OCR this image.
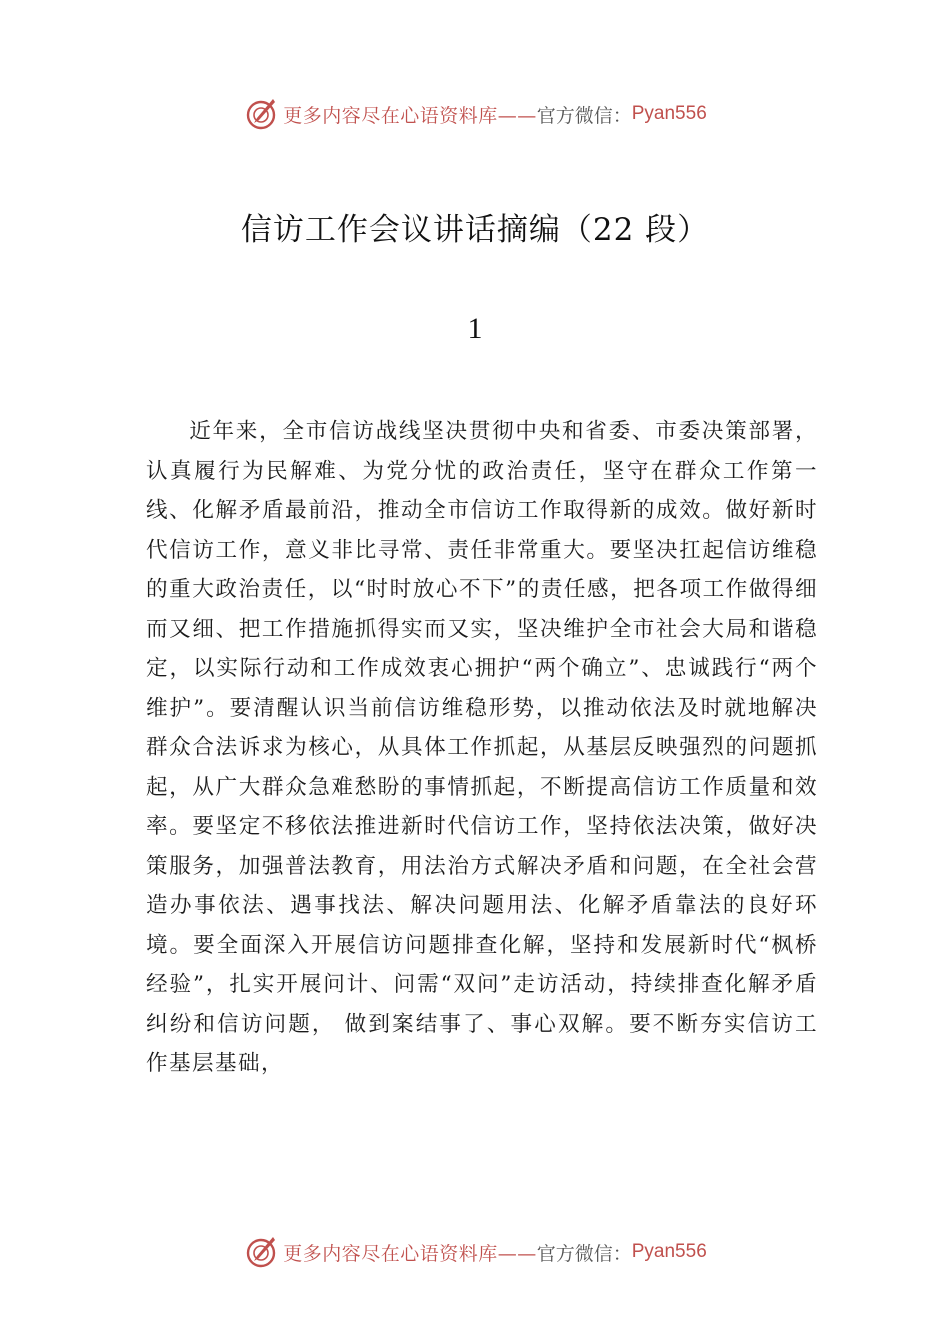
更多内容尽在心语资料库—— 官方微信： Pyan556
信访工作会议讲话摘编（22 段）
1

近年来，全市信访战线坚决贯彻中央和省委、市委决策部署，认真履行为民解难、为党分忧的政治责任，坚守在群众工作第一线、化解矛盾最前沿，推动全市信访工作取得新的成效。做好新时代信访工作，意义非比寻常、责任非常重大。要坚决扛起信访维稳的重大政治责任，以“时时放心不下”的责任感，把各项工作做得细而又细、把工作措施抓得实而又实，坚决维护全市社会大局和谐稳定，以实际行动和工作成效衷心拥护“两个确立”、忠诚践行“两个维护”。要清醒认识当前信访维稳形势，以推动依法及时就地解决群众合法诉求为核心，从具体工作抓起，从基层反映强烈的问题抓起，从广大群众急难愁盼的事情抓起，不断提高信访工作质量和效率。要坚定不移依法推进新时代信访工作，坚持依法决策，做好决策服务，加强普法教育，用法治方式解决矛盾和问题，在全社会营造办事依法、遇事找法、解决问题用法、化解矛盾靠法的良好环境。要全面深入开展信访问题排查化解，坚持和发展新时代“枫桥经验”，扎实开展问计、问需“双问”走访活动，持续排查化解矛盾纠纷和信访问题， 做到案结事了、事心双解。要不断夯实信访工作基层基础，

更多内容尽在心语资料库—— 官方微信： Pyan556
